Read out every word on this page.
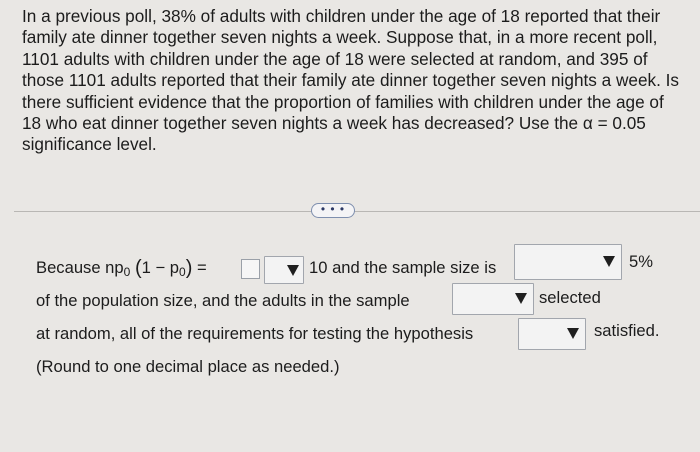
In a previous poll, 38% of adults with children under the age of 18 reported that their family ate dinner together seven nights a week. Suppose that, in a more recent poll, 1101 adults with children under the age of 18 were selected at random, and 395 of those 1101 adults reported that their family ate dinner together seven nights a week. Is there sufficient evidence that the proportion of families with children under the age of 18 who eat dinner together seven nights a week has decreased? Use the α = 0.05 significance level.
• • •
Because np0 (1 − p0) =	10 and the sample size is	5%
of the population size, and the adults in the sample	selected
at random, all of the requirements for testing the hypothesis	satisfied.
(Round to one decimal place as needed.)
